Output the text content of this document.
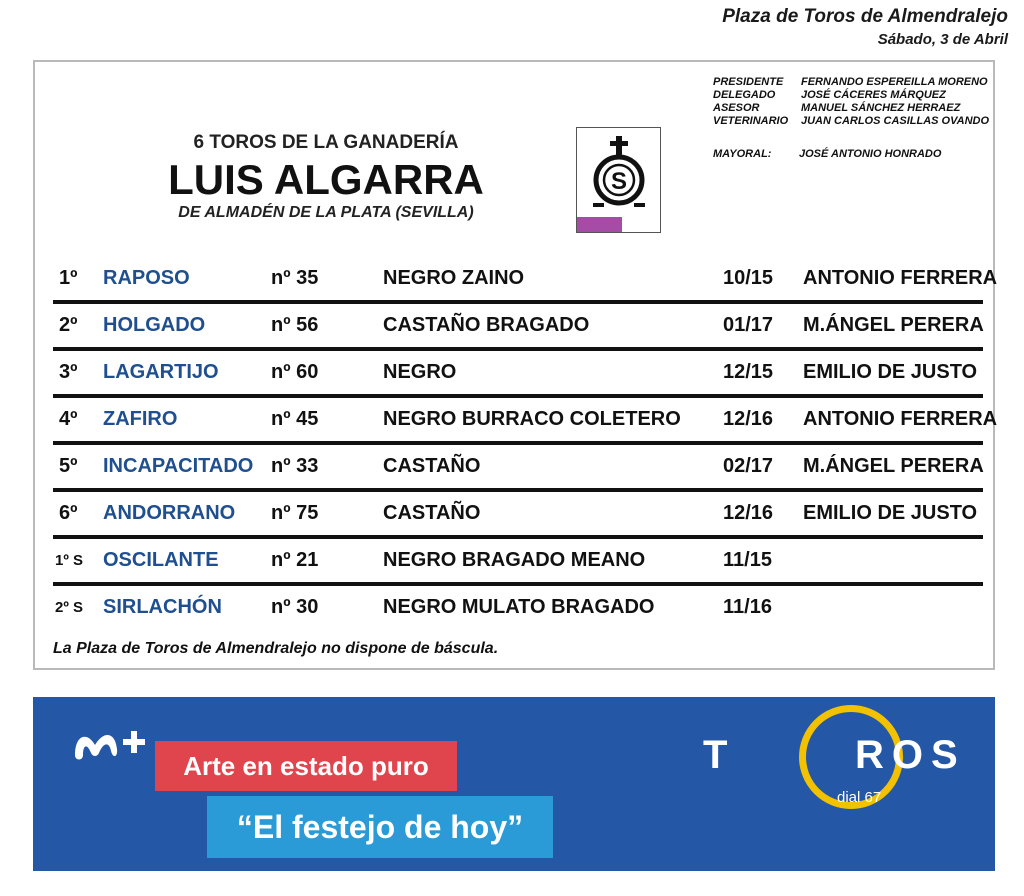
Plaza de Toros de Almendralejo
Sábado, 3 de Abril
6 TOROS DE LA GANADERÍA
LUIS ALGARRA
DE ALMADÉN DE LA PLATA (SEVILLA)
S
PRESIDENTE	FERNANDO ESPEREILLA MORENO
DELEGADO	JOSÉ CÁCERES MÁRQUEZ
ASESOR	MANUEL SÁNCHEZ HERRAEZ
VETERINARIO	JUAN CARLOS CASILLAS OVANDO
MAYORAL:	JOSÉ ANTONIO HONRADO
1º RAPOSO	nº 35	NEGRO ZAINO	10/15 ANTONIO FERRERA
2º HOLGADO	nº 56	CASTAÑO BRAGADO	01/17 M.ÁNGEL PERERA
3º LAGARTIJO	nº 60	NEGRO	12/15 EMILIO DE JUSTO
4º ZAFIRO	nº 45	NEGRO BURRACO COLETERO 12/16 ANTONIO FERRERA
5º INCAPACITADO nº 33	CASTAÑO	02/17 M.ÁNGEL PERERA
6º ANDORRANO nº 75	CASTAÑO	12/16 EMILIO DE JUSTO
1º S OSCILANTE	nº 21	NEGRO BRAGADO MEANO	11/15
2º S SIRLACHÓN nº 30	NEGRO MULATO BRAGADO	11/16
La Plaza de Toros de Almendralejo no dispone de báscula.
Arte en estado puro
“El festejo de hoy”
T	ROS
dial 67
